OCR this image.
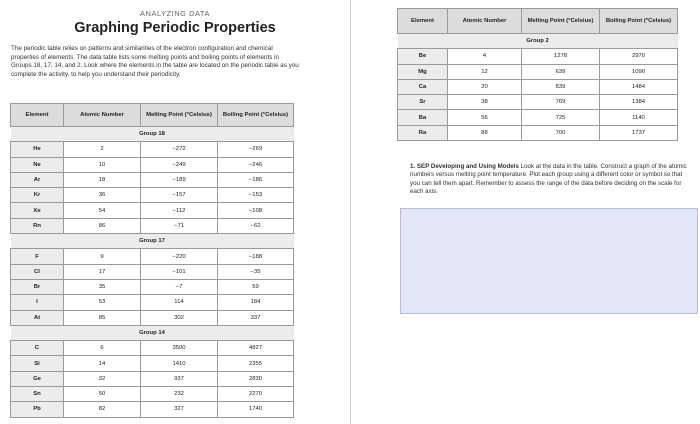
ANALYZING DATA
Graphing Periodic Properties
The periodic table relies on patterns and similarities of the electron configuration and chemical properties of elements. The data table lists some melting points and boiling points of elements in Groups 18, 17, 14, and 2. Look where the elements in the table are located on the periodic table as you complete the activity, to help you understand their periodicity.
Element	Atomic Number	Melting Point (°Celsius)	Boiling Point (°Celsius)
Group 18			
He	2	−272	−269
Ne	10	−249	−246
Ar	18	−189	−186
Kr	36	−157	−153
Xe	54	−112	−108
Rn	86	−71	−62
Group 17			
F	9	−220	−188
Cl	17	−101	−35
Br	35	−7	59
I	53	114	184
At	85	302	337
Group 14			
C	6	3500	4827
Si	14	1410	2355
Ge	32	937	2830
Sn	50	232	2270
Pb	82	327	1740
Element	Atomic Number	Melting Point (°Celsius)	Boiling Point (°Celsius)
Group 2			
Be	4	1278	2970
Mg	12	639	1090
Ca	20	839	1484
Sr	38	769	1384
Ba	56	725	1140
Ra	88	700	1737
1. SEP Developing and Using Models Look at the data in the table. Construct a graph of the atomic numbers versus melting point temperature. Plot each group using a different color or symbol so that you can tell them apart. Remember to assess the range of the data before deciding on the scale for each axis.
